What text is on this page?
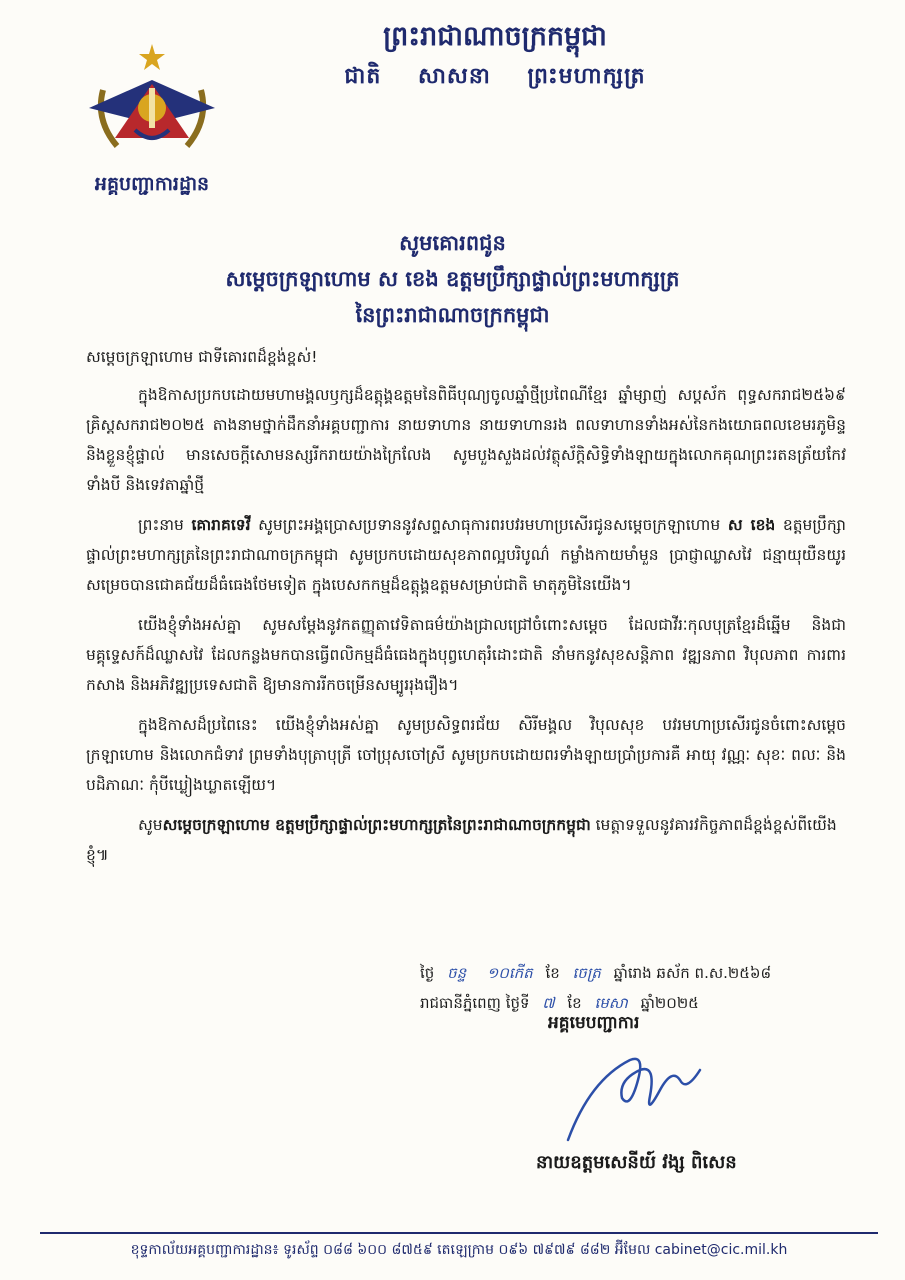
អគ្គបញ្ជាការដ្ឋាន
ព្រះរាជាណាចក្រកម្ពុជា
ជាតិ សាសនា ព្រះមហាក្សត្រ
សូមគោរពជូន
សម្ដេចក្រឡាហោម ស ខេង ឧត្ដមប្រឹក្សាផ្ទាល់ព្រះមហាក្សត្រ
នៃព្រះរាជាណាចក្រកម្ពុជា

សម្ដេចក្រឡាហោម ជាទីគោរពដ៏ខ្ពង់ខ្ពស់!

ក្នុងឱកាសប្រកបដោយមហាមង្គលឫក្សដ៏ឧត្ដុង្គឧត្ដមនៃពិធីបុណ្យចូលឆ្នាំថ្មីប្រពៃណីខ្មែរ ឆ្នាំម្សាញ់ សប្ដស័ក ពុទ្ធសករាជ២៥៦៩ គ្រិស្ដសករាជ២០២៥ តាងនាមថ្នាក់ដឹកនាំអគ្គបញ្ជាការ នាយទាហាន នាយទាហានរង ពលទាហានទាំងអស់នៃកងយោធពលខេមរភូមិន្ទ និងខ្លួនខ្ញុំផ្ទាល់ មានសេចក្ដីសោមនស្សរីករាយយ៉ាងក្រៃលែង សូមបួងសួងដល់វត្ថុស័ក្ដិសិទ្ធិទាំងឡាយក្នុងលោកគុណព្រះរតនត្រ័យកែវទាំងបី និងទេវតាឆ្នាំថ្មី

ព្រះនាម គោរាគទេវី សូមព្រះអង្គប្រោសប្រទាននូវសព្ទសាធុការពរបវរមហាប្រសើរជូនសម្ដេចក្រឡាហោម ស ខេង ឧត្ដមប្រឹក្សាផ្ទាល់ព្រះមហាក្សត្រនៃព្រះរាជាណាចក្រកម្ពុជា សូមប្រកបដោយសុខភាពល្អបរិបូណ៌ កម្លាំងកាយមាំមួន ប្រាជ្ញាឈ្លាសវៃ ជន្មាយុយឺនយូរ សម្រេចបានជោគជ័យដ៏ធំធេងថែមទៀត ក្នុងបេសកកម្មដ៏ឧត្ដុង្គឧត្ដមសម្រាប់ជាតិ មាតុភូមិនៃយើង។

យើងខ្ញុំទាំងអស់គ្នា សូមសម្ដែងនូវកតញ្ញុតាវេទិតាធម៌យ៉ាងជ្រាលជ្រៅចំពោះសម្ដេច ដែលជាវីរៈកុលបុត្រខ្មែរដ៏ឆ្នើម និងជាមគ្គុទ្ទេសក៍ដ៏ឈ្លាសវៃ ដែលកន្លងមកបានធ្វើពលិកម្មដ៏ធំធេងក្នុងបុព្វហេតុរំដោះជាតិ នាំមកនូវសុខសន្តិភាព វឌ្ឍនភាព វិបុលភាព ការពារ កសាង និងអភិវឌ្ឍប្រទេសជាតិ ឱ្យមានការរីកចម្រើនសម្បូររុងរឿង។

ក្នុងឱកាសដ៏ប្រពៃនេះ យើងខ្ញុំទាំងអស់គ្នា សូមប្រសិទ្ធពរជ័យ សិរីមង្គល វិបុលសុខ បវរមហាប្រសើរជូនចំពោះសម្ដេចក្រឡាហោម និងលោកជំទាវ ព្រមទាំងបុត្រាបុត្រី ចៅប្រុសចៅស្រី សូមប្រកបដោយពរទាំងឡាយប្រាំប្រការគឺ អាយុ វណ្ណៈ សុខៈ ពលៈ និងបដិភាណៈ កុំបីឃ្លៀងឃ្លាតឡើយ។

សូមសម្ដេចក្រឡាហោម ឧត្ដមប្រឹក្សាផ្ទាល់ព្រះមហាក្សត្រនៃព្រះរាជាណាចក្រកម្ពុជា មេត្តាទទួលនូវគារវកិច្ចភាពដ៏ខ្ពង់ខ្ពស់ពីយើងខ្ញុំ៕

ថ្ងៃ ចន្ទ ១០កើត ខែ ចេត្រ ឆ្នាំរោង ឆស័ក ព.ស.២៥៦៨
រាជធានីភ្នំពេញ ថ្ងៃទី ៧ ខែ មេសា ឆ្នាំ២០២៥
អគ្គមេបញ្ជាការ
នាយឧត្ដមសេនីយ៍ វង្ស ពិសេន
ខុទ្ទកាល័យអគ្គបញ្ជាការដ្ឋាន៖ ទូរស័ព្ទ ០៨៨ ៦០០ ៨៧៥៩ តេឡេក្រាម ០៩៦ ៧៩៧៩ ៨៨២ អ៊ីមែល cabinet@cic.mil.kh
